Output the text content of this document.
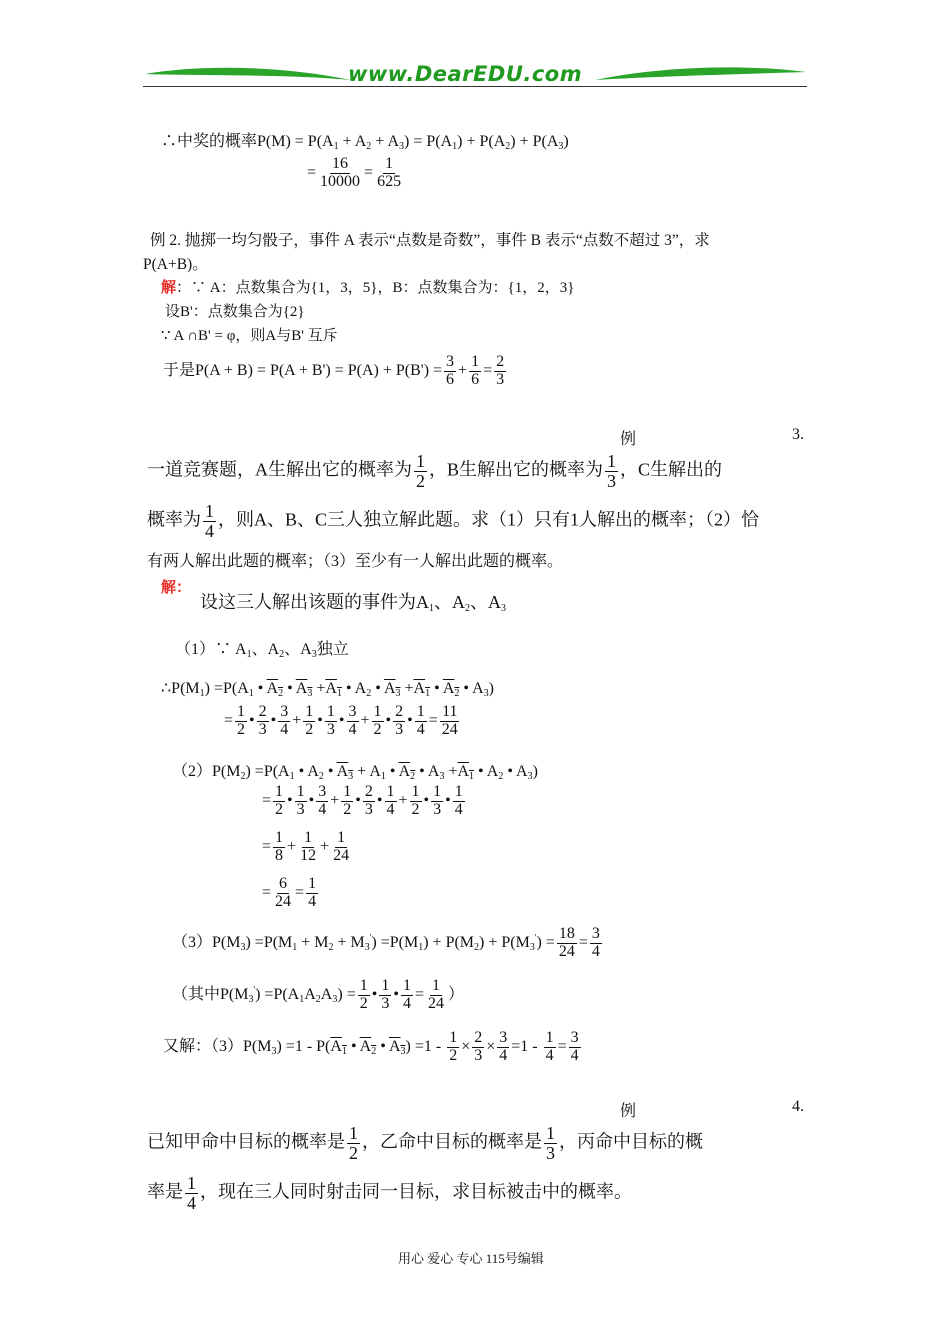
www.DearEDU.com
∴中奖的概率$P(M) = P(A_1 + A_2 + A_3) = P(A_1) + P(A_2) + P(A_3)$
= $\frac{16}{10000} = \frac{1}{625}$
例 2. 抛掷一均匀骰子，事件 A 表示“点数是奇数”，事件 B 表示“点数不超过 3”，求
P(A+B)。
解：∵ A：点数集合为{1，3，5}，B：点数集合为：{1，2，3}
设B'：点数集合为{2}
∵ A ∩B' = φ，则A与B' 互斥
于是$P(A + B) = P(A + B') = P(A) + P(B') = \frac{3}{6} + \frac{1}{6} = \frac{2}{3}$
例	3.
一道竞赛题，A生解出它的概率为 $\frac{1}{2}$ ，B生解出它的概率为 $\frac{1}{3}$ ，C生解出的
概率为 $\frac{1}{4}$ ，则A、B、C三人独立解此题。求（1）只有1人解出的概率；（2）恰
有两人解出此题的概率；（3）至少有一人解出此题的概率。
解：
设这三人解出该题的事件为$A_1$、$A_2$、$A_3$
（1）∵ $A_1$、$A_2$、$A_3$独立
$\therefore P(M_1) =P(A_1$ • $A_2$ • $A_3 +A_1$ • $A_2$ • $A_3 +A_1$ • $A_2$ • $A_3$)
= $\frac{1}{2}$ • $\frac{2}{3}$ • $\frac{3}{4} + \frac{1}{2}$ • $\frac{1}{3}$ • $\frac{3}{4} + \frac{1}{2}$ • $\frac{2}{3}$ • $\frac{1}{4} = \frac{11}{24}$
$(2)P(M_2) =P(A_1$ • $A_2$ • $A_3 + A_1$ • $A_2$ • $A_3 +A_1$ • $A_2$ • $A_3$)
= $\frac{1}{2}$ • $\frac{1}{3}$ • $\frac{3}{4} + \frac{1}{2}$ • $\frac{2}{3}$ • $\frac{1}{4} + \frac{1}{2}$ • $\frac{1}{3}$ • $\frac{1}{4}$
= $\frac{1}{8} + \frac{1}{12} + \frac{1}{24}$
= $\frac{6}{24} = \frac{1}{4}$
$(3)P(M_3) =P(M_1 + M_2 + M_3') =P(M_1) + P(M_2) + P(M_3') = \frac{18}{24} = \frac{3}{4}$
（其中$P(M_3') =P(A_1A_2A_3) = \frac{1}{2}$ • $\frac{1}{3}$ • $\frac{1}{4} = \frac{1}{24}$ ）
又解：$(3)P(M_3) =1 - P(A_1$ • $A_2$ • $A_3) =1 - \frac{1}{2} \times \frac{2}{3} \times \frac{3}{4} =1 - \frac{1}{4} = \frac{3}{4}$
例	4.
已知甲命中目标的概率是 $\frac{1}{2}$ ，乙命中目标的概率是 $\frac{1}{3}$ ，丙命中目标的概
率是 $\frac{1}{4}$ ，现在三人同时射击同一目标，求目标被击中的概率。
用心 爱心 专心 115号编辑
